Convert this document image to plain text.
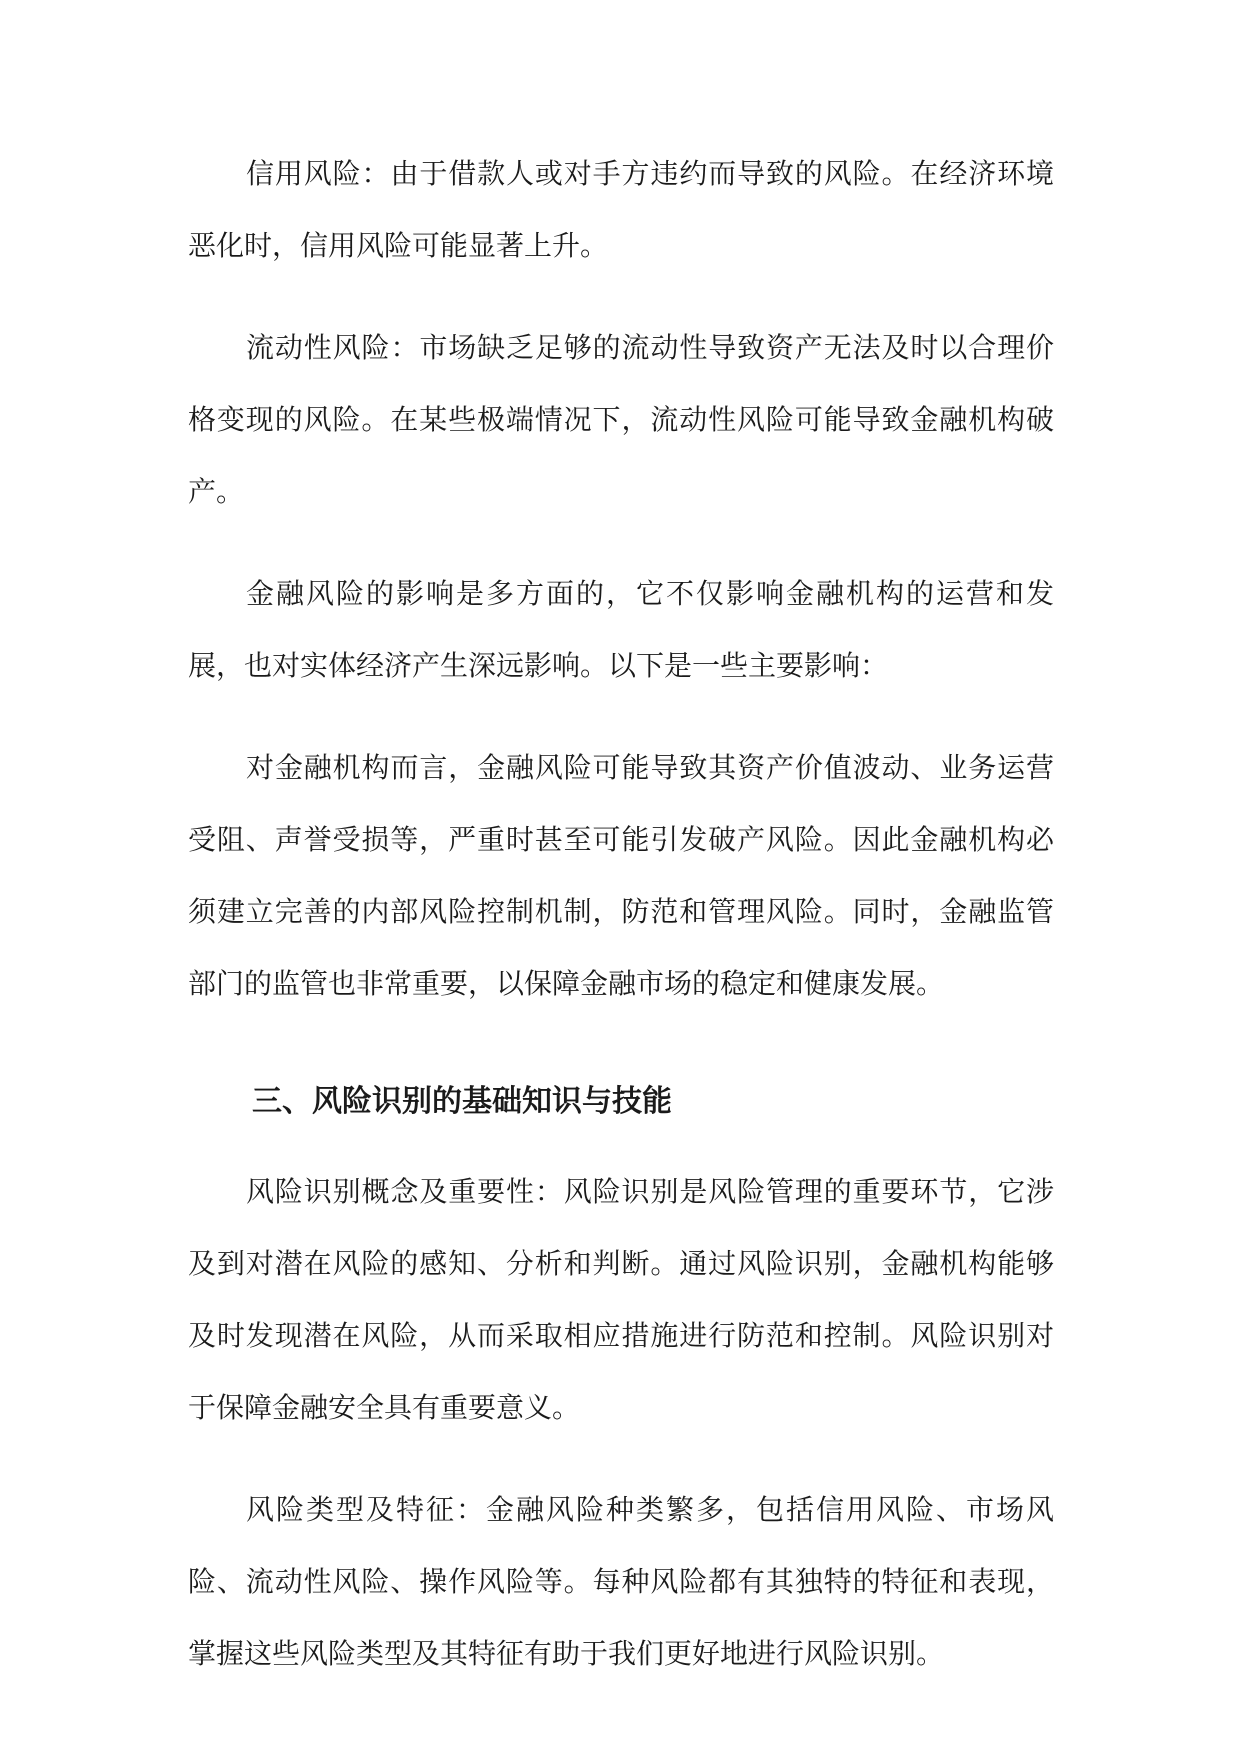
信用风险：由于借款人或对手方违约而导致的风险。在经济环境恶化时，信用风险可能显著上升。

流动性风险：市场缺乏足够的流动性导致资产无法及时以合理价格变现的风险。在某些极端情况下，流动性风险可能导致金融机构破产。

金融风险的影响是多方面的，它不仅影响金融机构的运营和发展，也对实体经济产生深远影响。以下是一些主要影响：

对金融机构而言，金融风险可能导致其资产价值波动、业务运营受阻、声誉受损等，严重时甚至可能引发破产风险。因此金融机构必须建立完善的内部风险控制机制，防范和管理风险。同时，金融监管部门的监管也非常重要，以保障金融市场的稳定和健康发展。

三、风险识别的基础知识与技能

风险识别概念及重要性：风险识别是风险管理的重要环节，它涉及到对潜在风险的感知、分析和判断。通过风险识别，金融机构能够及时发现潜在风险，从而采取相应措施进行防范和控制。风险识别对于保障金融安全具有重要意义。

风险类型及特征：金融风险种类繁多，包括信用风险、市场风险、流动性风险、操作风险等。每种风险都有其独特的特征和表现，掌握这些风险类型及其特征有助于我们更好地进行风险识别。
